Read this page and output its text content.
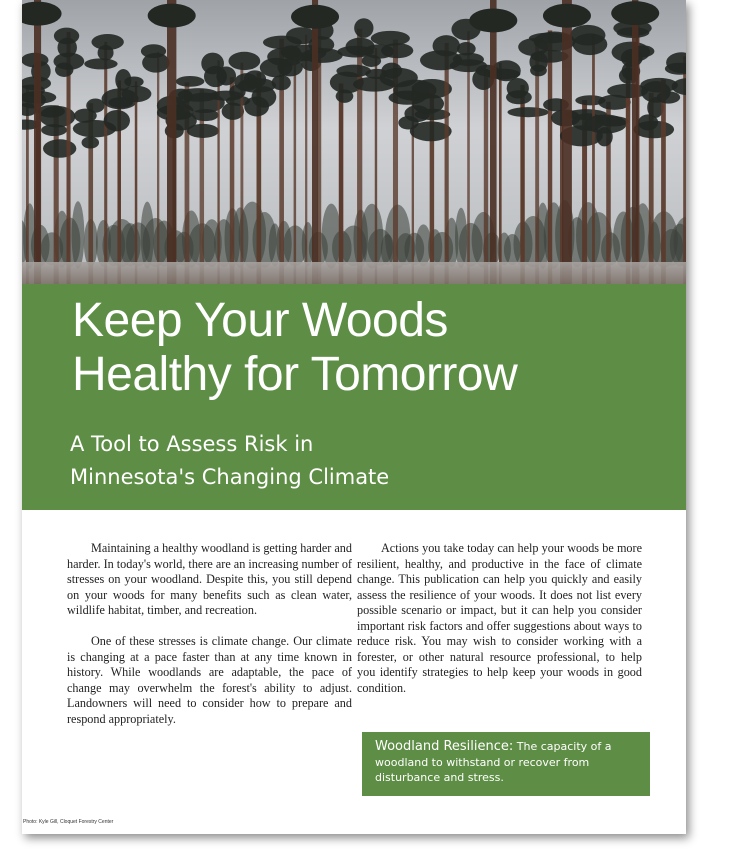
Keep Your Woods
Healthy for Tomorrow
A Tool to Assess Risk in
Minnesota's Changing Climate

Maintaining a healthy woodland is getting harder and harder. In today's world, there are an increasing number of stresses on your woodland. Despite this, you still depend on your woods for many benefits such as clean water, wildlife habitat, timber, and recreation.

One of these stresses is climate change. Our climate is changing at a pace faster than at any time known in history. While woodlands are adaptable, the pace of change may overwhelm the forest's ability to adjust. Landowners will need to consider how to prepare and respond appropriately.

Actions you take today can help your woods be more resilient, healthy, and productive in the face of climate change. This publication can help you quickly and easily assess the resilience of your woods. It does not list every possible scenario or impact, but it can help you consider important risk factors and offer suggestions about ways to reduce risk. You may wish to consider working with a forester, or other natural resource professional, to help you identify strategies to help keep your woods in good condition.

Woodland Resilience: The capacity of a woodland to withstand or recover from disturbance and stress.
Photo: Kyle Gill, Cloquet Forestry Center
